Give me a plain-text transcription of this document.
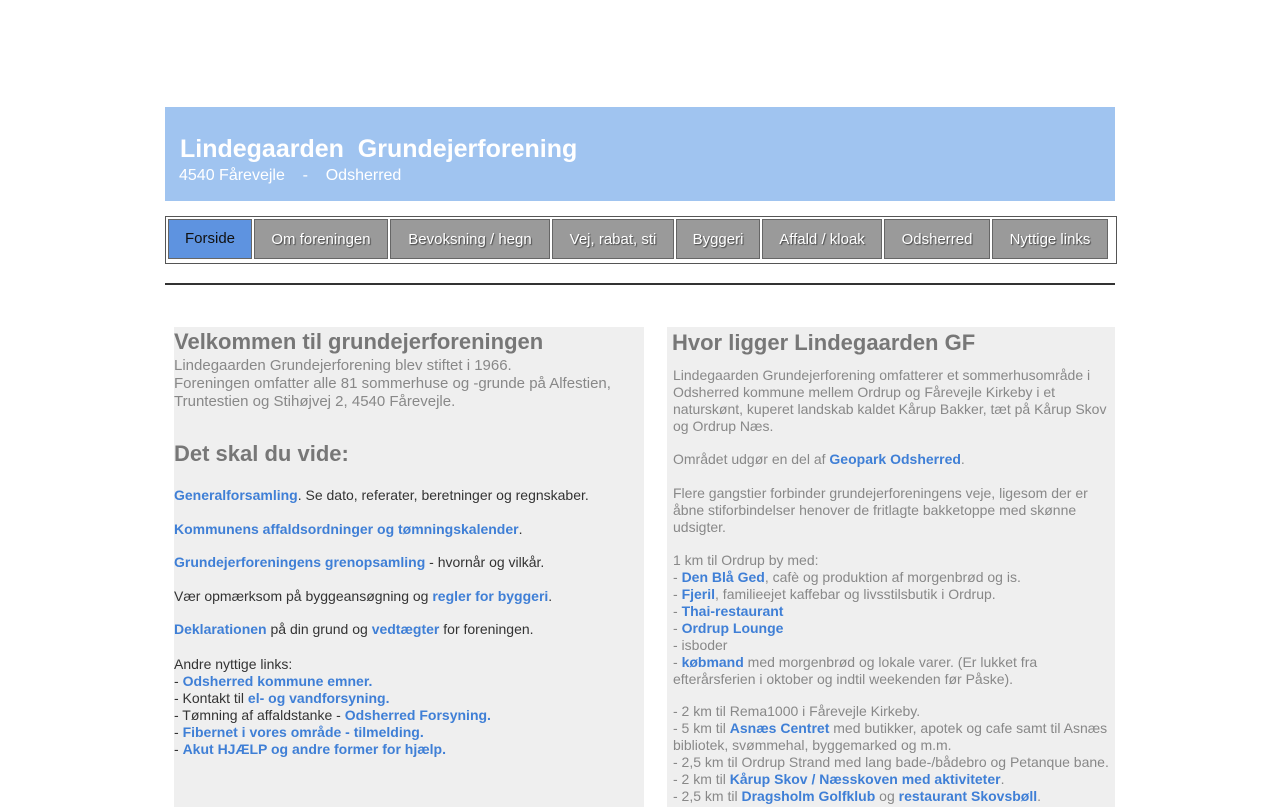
Lindegaarden  Grundejerforening
4540 Fårevejle    -    Odsherred
Forside	Om foreningen	Bevoksning / hegn	Vej, rabat, sti	Byggeri	Affald / kloak	Odsherred	Nyttige links
Velkommen til grundejerforeningen
Lindegaarden Grundejerforening blev stiftet i 1966.
Foreningen omfatter alle 81 sommerhuse og -grunde på Alfestien, Truntestien og Stihøjvej 2, 4540 Fårevejle.
Det skal du vide:
Generalforsamling. Se dato, referater, beretninger og regnskaber.
Kommunens affaldsordninger og tømningskalender.
Grundejerforeningens grenopsamling - hvornår og vilkår.
Vær opmærksom på byggeansøgning og regler for byggeri.
Deklarationen på din grund og vedtægter for foreningen.
Andre nyttige links:
- Odsherred kommune emner.
- Kontakt til el- og vandforsyning.
- Tømning af affaldstanke - Odsherred Forsyning.
- Fibernet i vores område - tilmelding.
- Akut HJÆLP og andre former for hjælp.
Hvor ligger Lindegaarden GF
Lindegaarden Grundejerforening omfatterer et sommerhusområde i Odsherred kommune mellem Ordrup og Fårevejle Kirkeby i et naturskønt, kuperet landskab kaldet Kårup Bakker, tæt på Kårup Skov og Ordrup Næs.
Området udgør en del af Geopark Odsherred.
Flere gangstier forbinder grundejerforeningens veje, ligesom der er åbne stiforbindelser henover de fritlagte bakketoppe med skønne udsigter.
1 km til Ordrup by med:
- Den Blå Ged, cafè og produktion af morgenbrød og is.
- Fjeril, familieejet kaffebar og livsstilsbutik i Ordrup.
- Thai-restaurant
- Ordrup Lounge
- isboder
- købmand med morgenbrød og lokale varer. (Er lukket fra efterårsferien i oktober og indtil weekenden før Påske).
- 2 km til Rema1000 i Fårevejle Kirkeby.
- 5 km til Asnæs Centret med butikker, apotek og cafe samt til Asnæs bibliotek, svømmehal, byggemarked og m.m.
- 2,5 km til Ordrup Strand med lang bade-/bådebro og Petanque bane.
- 2 km til Kårup Skov / Næsskoven med aktiviteter.
- 2,5 km til Dragsholm Golfklub og restaurant Skovsbøll.
